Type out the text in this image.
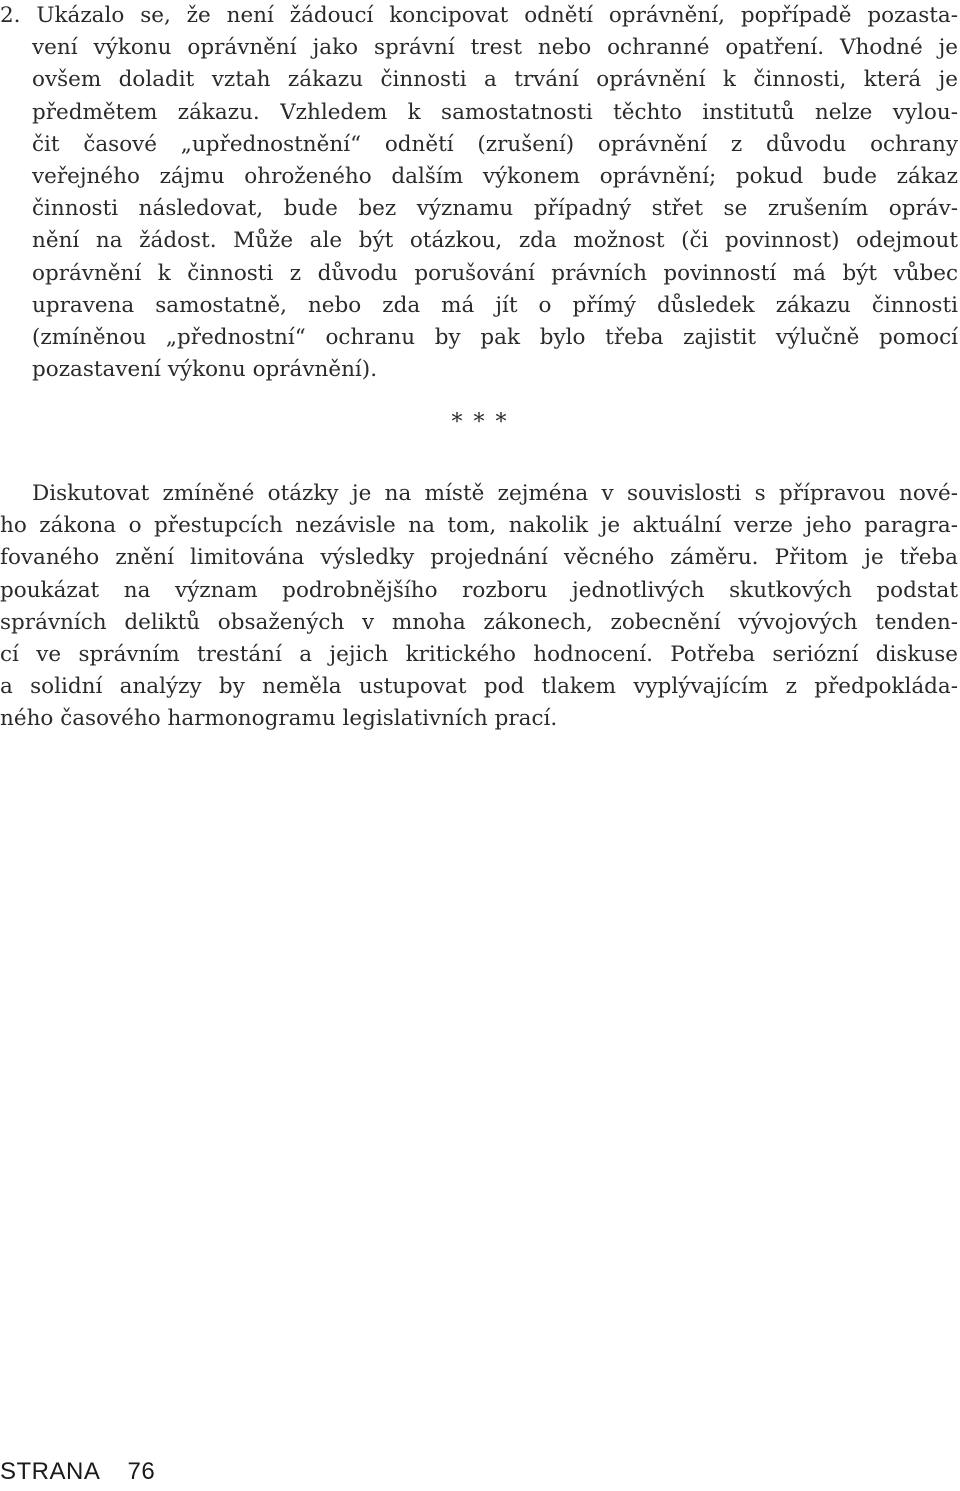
2. Ukázalo se, že není žádoucí koncipovat odnětí oprávnění, popřípadě pozasta-
vení výkonu oprávnění jako správní trest nebo ochranné opatření. Vhodné je
ovšem doladit vztah zákazu činnosti a trvání oprávnění k činnosti, která je
předmětem zákazu. Vzhledem k samostatnosti těchto institutů nelze vylou-
čit časové „upřednostnění“ odnětí (zrušení) oprávnění z důvodu ochrany
veřejného zájmu ohroženého dalším výkonem oprávnění; pokud bude zákaz
činnosti následovat, bude bez významu případný střet se zrušením opráv-
nění na žádost. Může ale být otázkou, zda možnost (či povinnost) odejmout
oprávnění k činnosti z důvodu porušování právních povinností má být vůbec
upravena samostatně, nebo zda má jít o přímý důsledek zákazu činnosti
(zmíněnou „přednostní“ ochranu by pak bylo třeba zajistit výlučně pomocí
pozastavení výkonu oprávnění).
* * *
Diskutovat zmíněné otázky je na místě zejména v souvislosti s přípravou nové-
ho zákona o přestupcích nezávisle na tom, nakolik je aktuální verze jeho paragra-
fovaného znění limitována výsledky projednání věcného záměru. Přitom je třeba
poukázat na význam podrobnějšího rozboru jednotlivých skutkových podstat
správních deliktů obsažených v mnoha zákonech, zobecnění vývojových tenden-
cí ve správním trestání a jejich kritického hodnocení. Potřeba seriózní diskuse
a solidní analýzy by neměla ustupovat pod tlakem vyplývajícím z předpokláda-
ného časového harmonogramu legislativních prací.
STRANA 76
